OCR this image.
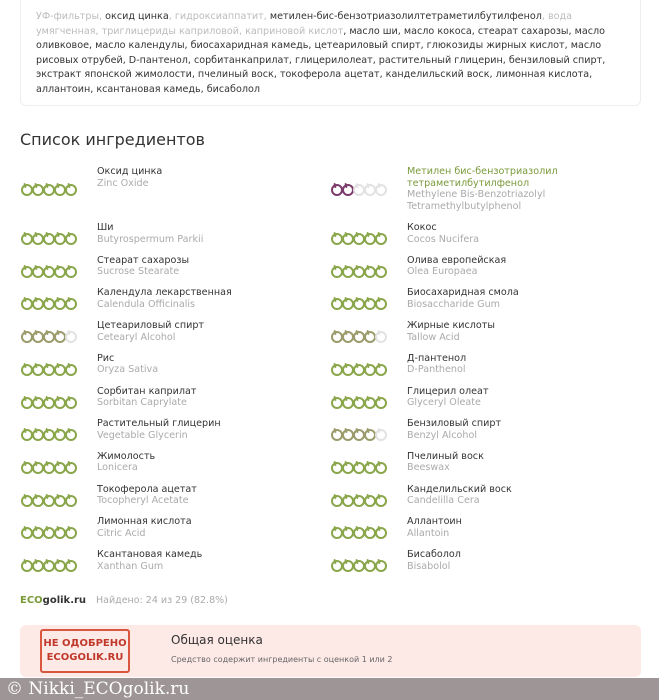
УФ-фильтры, оксид цинка, гидроксиаппатит, метилен-бис-бензотриазолилтетраметилбутилфенол, вода умягченная, триглицериды каприловой, каприновой кислот, масло ши, масло кокоса, стеарат сахарозы, масло оливковое, масло календулы, биосахаридная камедь, цетеариловый спирт, глюкозиды жирных кислот, масло рисовых отрубей, D-пантенол, сорбитанкаприлат, глицерилолеат, растительный глицерин, бензиловый спирт, экстракт японской жимолости, пчелиный воск, токоферола ацетат, канделильский воск, лимонная кислота, аллантоин, ксантановая камедь, бисаболол
Список ингредиентов
Оксид цинка
Zinc Oxide
Ши
Butyrospermum Parkii
Стеарат сахарозы
Sucrose Stearate
Календула лекарственная
Calendula Officinalis
Цетеариловый спирт
Cetearyl Alcohol
Рис
Oryza Sativa
Сорбитан каприлат
Sorbitan Caprylate
Растительный глицерин
Vegetable Glycerin
Жимолость
Lonicera
Токоферола ацетат
Tocopheryl Acetate
Лимонная кислота
Citric Acid
Ксантановая камедь
Xanthan Gum
Метилен бис-бензотриазолил тетраметилбутилфенол
Methylene Bis-Benzotriazolyl Tetramethylbutylphenol
Кокос
Cocos Nucifera
Олива европейская
Olea Europaea
Биосахаридная смола
Biosaccharide Gum
Жирные кислоты
Tallow Acid
Д-пантенол
D-Panthenol
Глицерил олеат
Glyceryl Oleate
Бензиловый спирт
Benzyl Alcohol
Пчелиный воск
Beeswax
Канделильский воск
Candelilla Cera
Аллантоин
Allantoin
Бисаболол
Bisabolol
ECOgolik.ru Найдено: 24 из 29 (82.8%)
НЕ ОДОБРЕНО ECOGOLIK.RU
Общая оценка
Средство содержит ингредиенты с оценкой 1 или 2
© Nikki_ECOgolik.ru
